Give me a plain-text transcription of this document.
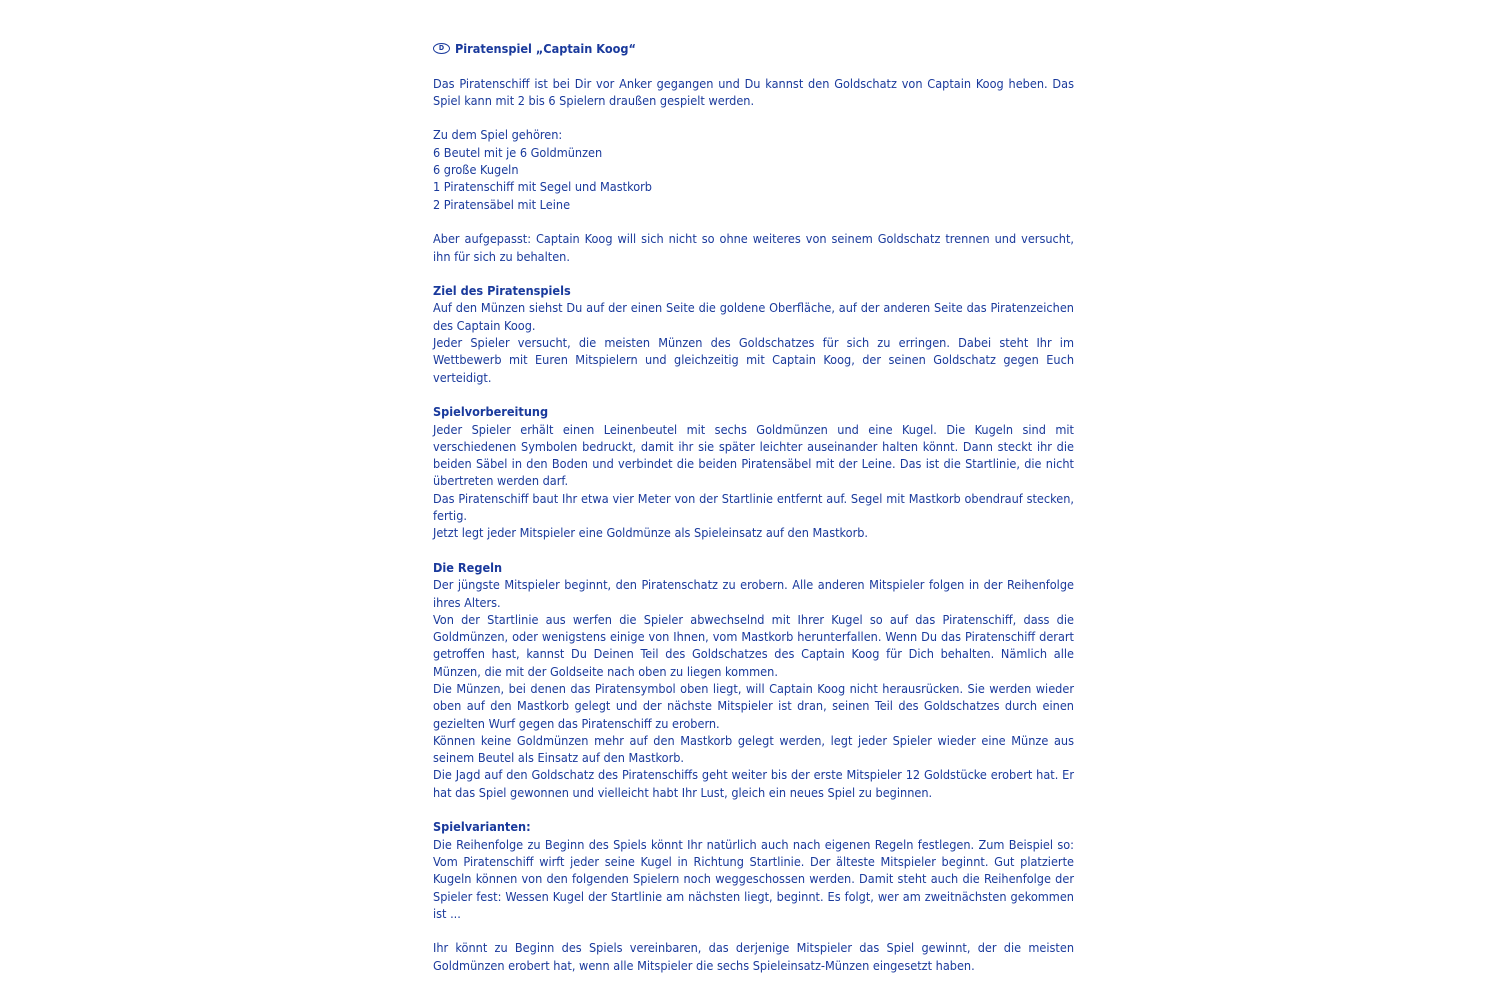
D Piratenspiel „Captain Koog“

Das Piratenschiff ist bei Dir vor Anker gegangen und Du kannst den Goldschatz von Captain Koog heben. Das Spiel kann mit 2 bis 6 Spielern draußen gespielt werden.

Zu dem Spiel gehören:

6 Beutel mit je 6 Goldmünzen

6 große Kugeln

1 Piratenschiff mit Segel und Mastkorb

2 Piratensäbel mit Leine

Aber aufgepasst: Captain Koog will sich nicht so ohne weiteres von seinem Goldschatz trennen und versucht, ihn für sich zu behalten.

Ziel des Piratenspiels

Auf den Münzen siehst Du auf der einen Seite die goldene Oberfläche, auf der anderen Seite das Piratenzeichen des Captain Koog.

Jeder Spieler versucht, die meisten Münzen des Goldschatzes für sich zu erringen. Dabei steht Ihr im Wettbewerb mit Euren Mitspielern und gleichzeitig mit Captain Koog, der seinen Goldschatz gegen Euch verteidigt.

Spielvorbereitung

Jeder Spieler erhält einen Leinenbeutel mit sechs Goldmünzen und eine Kugel. Die Kugeln sind mit verschiedenen Symbolen bedruckt, damit ihr sie später leichter auseinander halten könnt. Dann steckt ihr die beiden Säbel in den Boden und verbindet die beiden Piratensäbel mit der Leine. Das ist die Startlinie, die nicht übertreten werden darf.

Das Piratenschiff baut Ihr etwa vier Meter von der Startlinie entfernt auf. Segel mit Mastkorb obendrauf stecken, fertig.

Jetzt legt jeder Mitspieler eine Goldmünze als Spieleinsatz auf den Mastkorb.

Die Regeln

Der jüngste Mitspieler beginnt, den Piratenschatz zu erobern. Alle anderen Mitspieler folgen in der Reihenfolge ihres Alters.

Von der Startlinie aus werfen die Spieler abwechselnd mit Ihrer Kugel so auf das Piratenschiff, dass die Goldmünzen, oder wenigstens einige von Ihnen, vom Mastkorb herunterfallen. Wenn Du das Piratenschiff derart getroffen hast, kannst Du Deinen Teil des Goldschatzes des Captain Koog für Dich behalten. Nämlich alle Münzen, die mit der Goldseite nach oben zu liegen kommen.

Die Münzen, bei denen das Piratensymbol oben liegt, will Captain Koog nicht herausrücken. Sie werden wieder oben auf den Mastkorb gelegt und der nächste Mitspieler ist dran, seinen Teil des Goldschatzes durch einen gezielten Wurf gegen das Piratenschiff zu erobern.

Können keine Goldmünzen mehr auf den Mastkorb gelegt werden, legt jeder Spieler wieder eine Münze aus seinem Beutel als Einsatz auf den Mastkorb.

Die Jagd auf den Goldschatz des Piratenschiffs geht weiter bis der erste Mitspieler 12 Goldstücke erobert hat. Er hat das Spiel gewonnen und vielleicht habt Ihr Lust, gleich ein neues Spiel zu beginnen.

Spielvarianten:

Die Reihenfolge zu Beginn des Spiels könnt Ihr natürlich auch nach eigenen Regeln festlegen. Zum Beispiel so: Vom Piratenschiff wirft jeder seine Kugel in Richtung Startlinie. Der älteste Mitspieler beginnt. Gut platzierte Kugeln können von den folgenden Spielern noch weggeschossen werden. Damit steht auch die Reihenfolge der Spieler fest: Wessen Kugel der Startlinie am nächsten liegt, beginnt. Es folgt, wer am zweitnächsten gekommen ist ...

Ihr könnt zu Beginn des Spiels vereinbaren, das derjenige Mitspieler das Spiel gewinnt, der die meisten Goldmünzen erobert hat, wenn alle Mitspieler die sechs Spieleinsatz-Münzen eingesetzt haben.
